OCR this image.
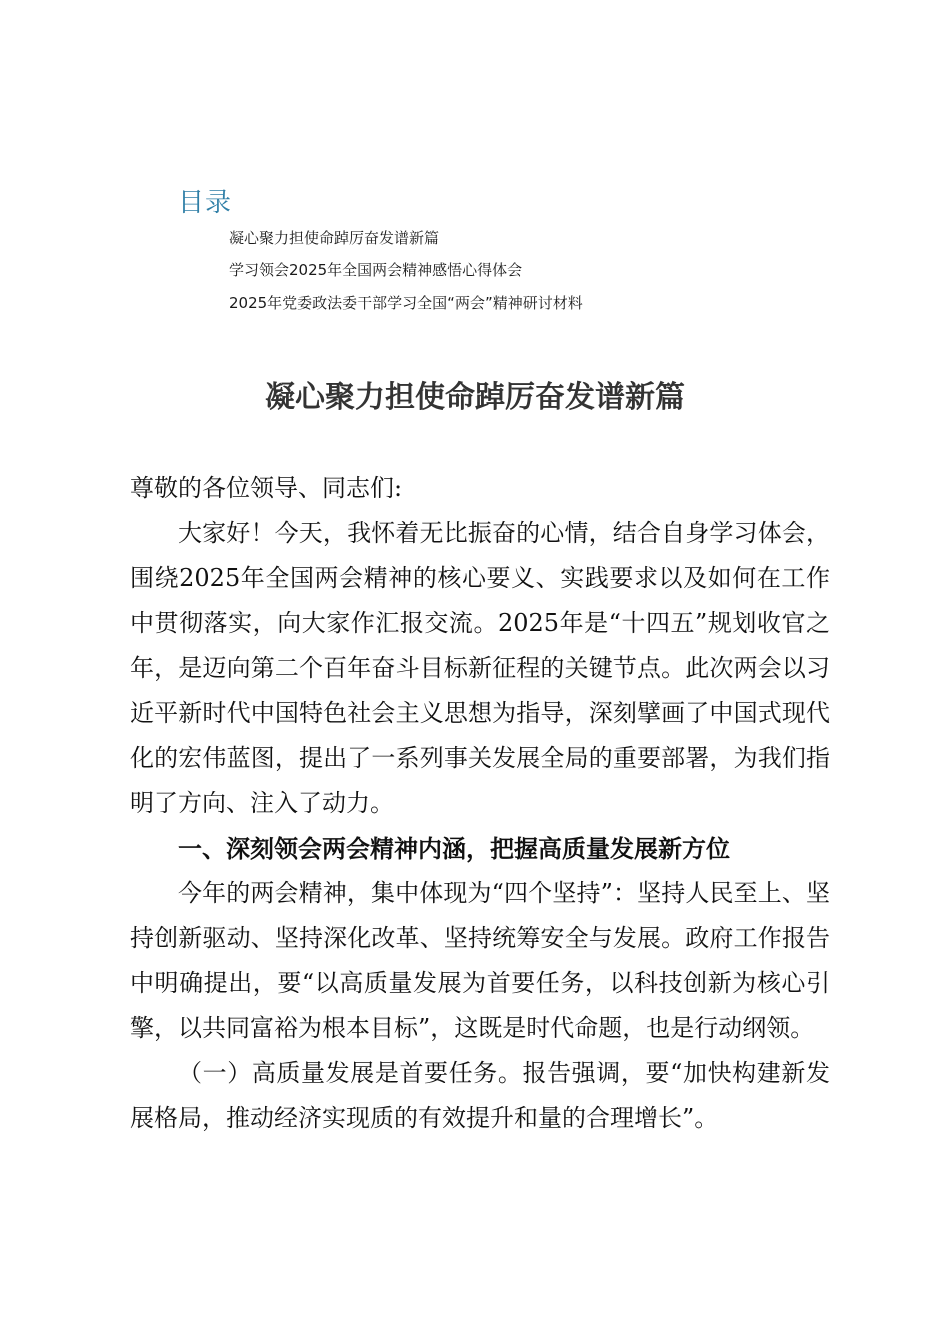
目录
凝心聚力担使命踔厉奋发谱新篇
学习领会2025年全国两会精神感悟心得体会
2025年党委政法委干部学习全国“两会”精神研讨材料
凝心聚力担使命踔厉奋发谱新篇

尊敬的各位领导、同志们:

大家好！今天，我怀着无比振奋的心情，结合自身学习体会，围绕2025年全国两会精神的核心要义、实践要求以及如何在工作中贯彻落实，向大家作汇报交流。2025年是“十四五”规划收官之年，是迈向第二个百年奋斗目标新征程的关键节点。此次两会以习近平新时代中国特色社会主义思想为指导，深刻擘画了中国式现代化的宏伟蓝图，提出了一系列事关发展全局的重要部署，为我们指明了方向、注入了动力。

一、深刻领会两会精神内涵，把握高质量发展新方位

今年的两会精神，集中体现为“四个坚持”：坚持人民至上、坚持创新驱动、坚持深化改革、坚持统筹安全与发展。政府工作报告中明确提出，要“以高质量发展为首要任务，以科技创新为核心引擎，以共同富裕为根本目标”，这既是时代命题，也是行动纲领。

（一）高质量发展是首要任务。报告强调，要“加快构建新发展格局，推动经济实现质的有效提升和量的合理增长”。
